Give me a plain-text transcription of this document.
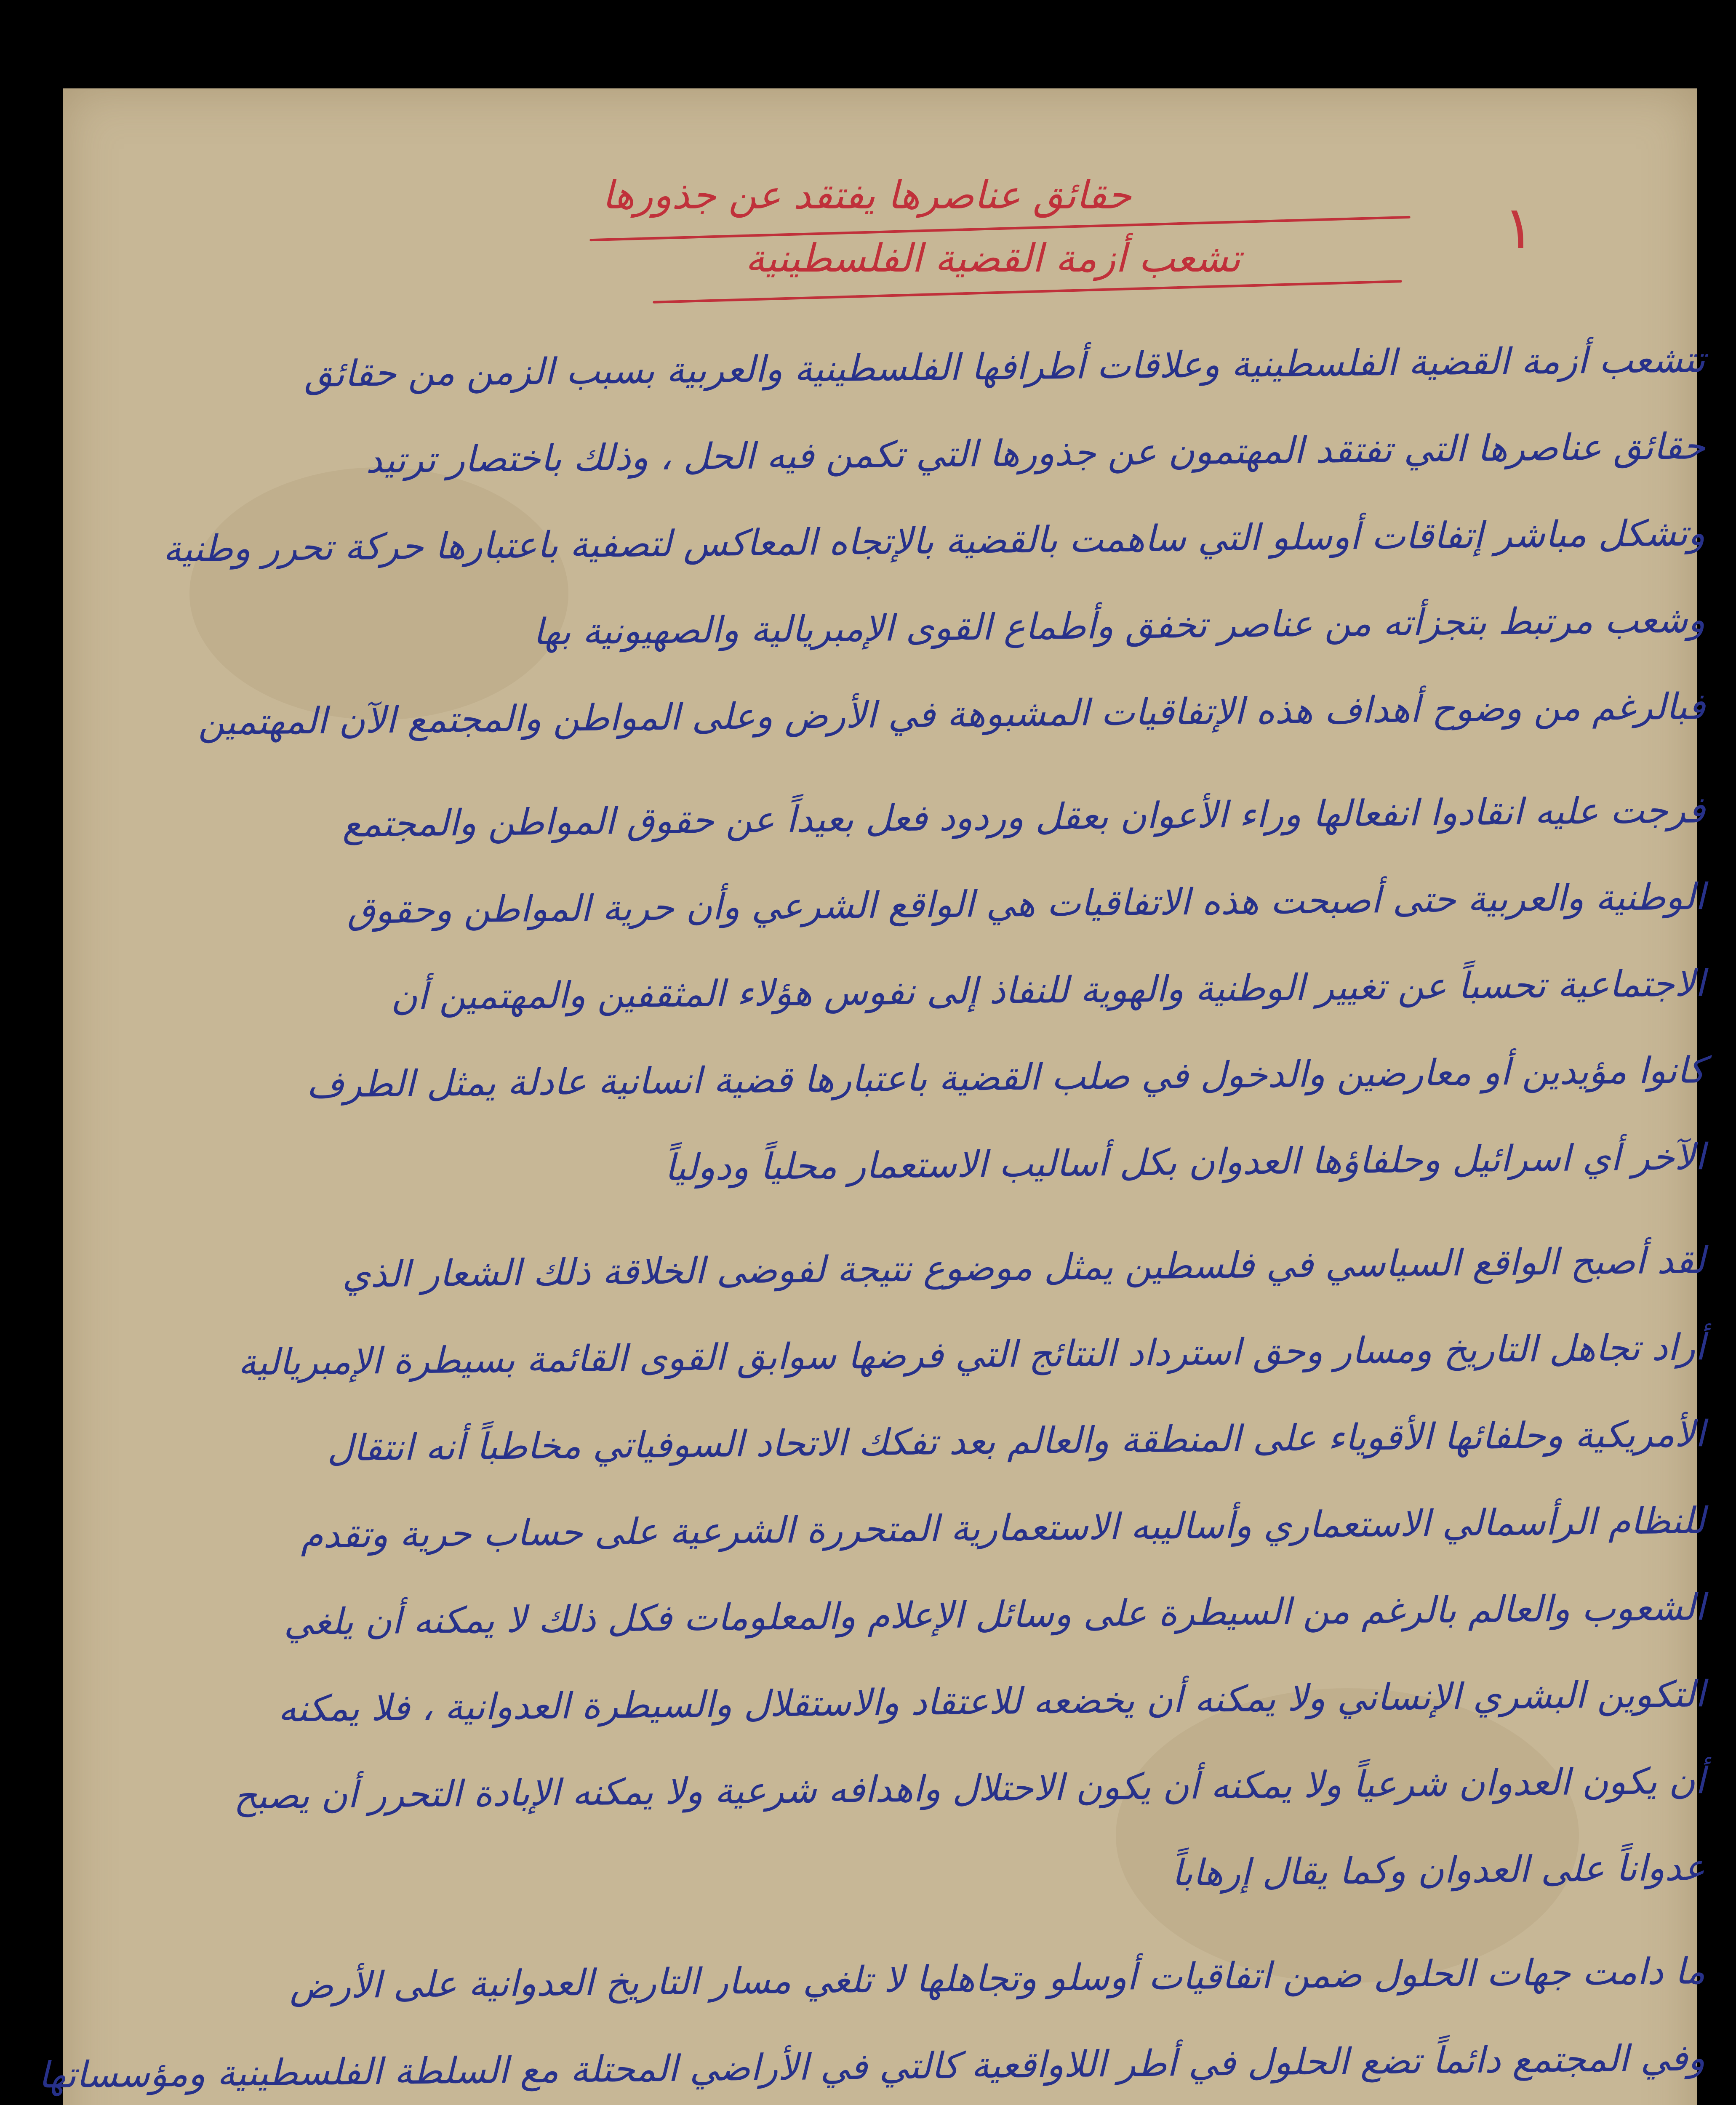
١
حقائق عناصرها يفتقد عن جذورها
تشعب أزمة القضية الفلسطينية
تتشعب أزمة القضية الفلسطينية وعلاقات أطرافها الفلسطينية والعربية بسبب الزمن من حقائق
حقائق عناصرها التي تفتقد المهتمون عن جذورها التي تكمن فيه الحل ، وذلك باختصار ترتيد
وتشكل مباشر إتفاقات أوسلو التي ساهمت بالقضية بالإتجاه المعاكس لتصفية باعتبارها حركة تحرر وطنية
وشعب مرتبط بتجزأته من عناصر تخفق وأطماع القوى الإمبريالية والصهيونية بها
فبالرغم من وضوح أهداف هذه الإتفاقيات المشبوهة في الأرض وعلى المواطن والمجتمع الآن المهتمين
فرجت عليه انقادوا انفعالها وراء الأعوان بعقل وردود فعل بعيداً عن حقوق المواطن والمجتمع
الوطنية والعربية حتى أصبحت هذه الاتفاقيات هي الواقع الشرعي وأن حرية المواطن وحقوق
الاجتماعية تحسباً عن تغيير الوطنية والهوية للنفاذ إلى نفوس هؤلاء المثقفين والمهتمين أن
كانوا مؤيدين أو معارضين والدخول في صلب القضية باعتبارها قضية انسانية عادلة يمثل الطرف
الآخر أي اسرائيل وحلفاؤها العدوان بكل أساليب الاستعمار محلياً ودولياً
لقد أصبح الواقع السياسي في فلسطين يمثل موضوع نتيجة لفوضى الخلاقة ذلك الشعار الذي
أراد تجاهل التاريخ ومسار وحق استرداد النتائج التي فرضها سوابق القوى القائمة بسيطرة الإمبريالية
الأمريكية وحلفائها الأقوياء على المنطقة والعالم بعد تفكك الاتحاد السوفياتي مخاطباً أنه انتقال
للنظام الرأسمالي الاستعماري وأساليبه الاستعمارية المتحررة الشرعية على حساب حرية وتقدم
الشعوب والعالم بالرغم من السيطرة على وسائل الإعلام والمعلومات فكل ذلك لا يمكنه أن يلغي
التكوين البشري الإنساني ولا يمكنه أن يخضعه للاعتقاد والاستقلال والسيطرة العدوانية ، فلا يمكنه
أن يكون العدوان شرعياً ولا يمكنه أن يكون الاحتلال واهدافه شرعية ولا يمكنه الإبادة التحرر أن يصبح
عدواناً على العدوان وكما يقال إرهاباً
ما دامت جهات الحلول ضمن اتفاقيات أوسلو وتجاهلها لا تلغي مسار التاريخ العدوانية على الأرض
وفي المجتمع دائماً تضع الحلول في أطر اللاواقعية كالتي في الأراضي المحتلة مع السلطة الفلسطينية ومؤسساتها
